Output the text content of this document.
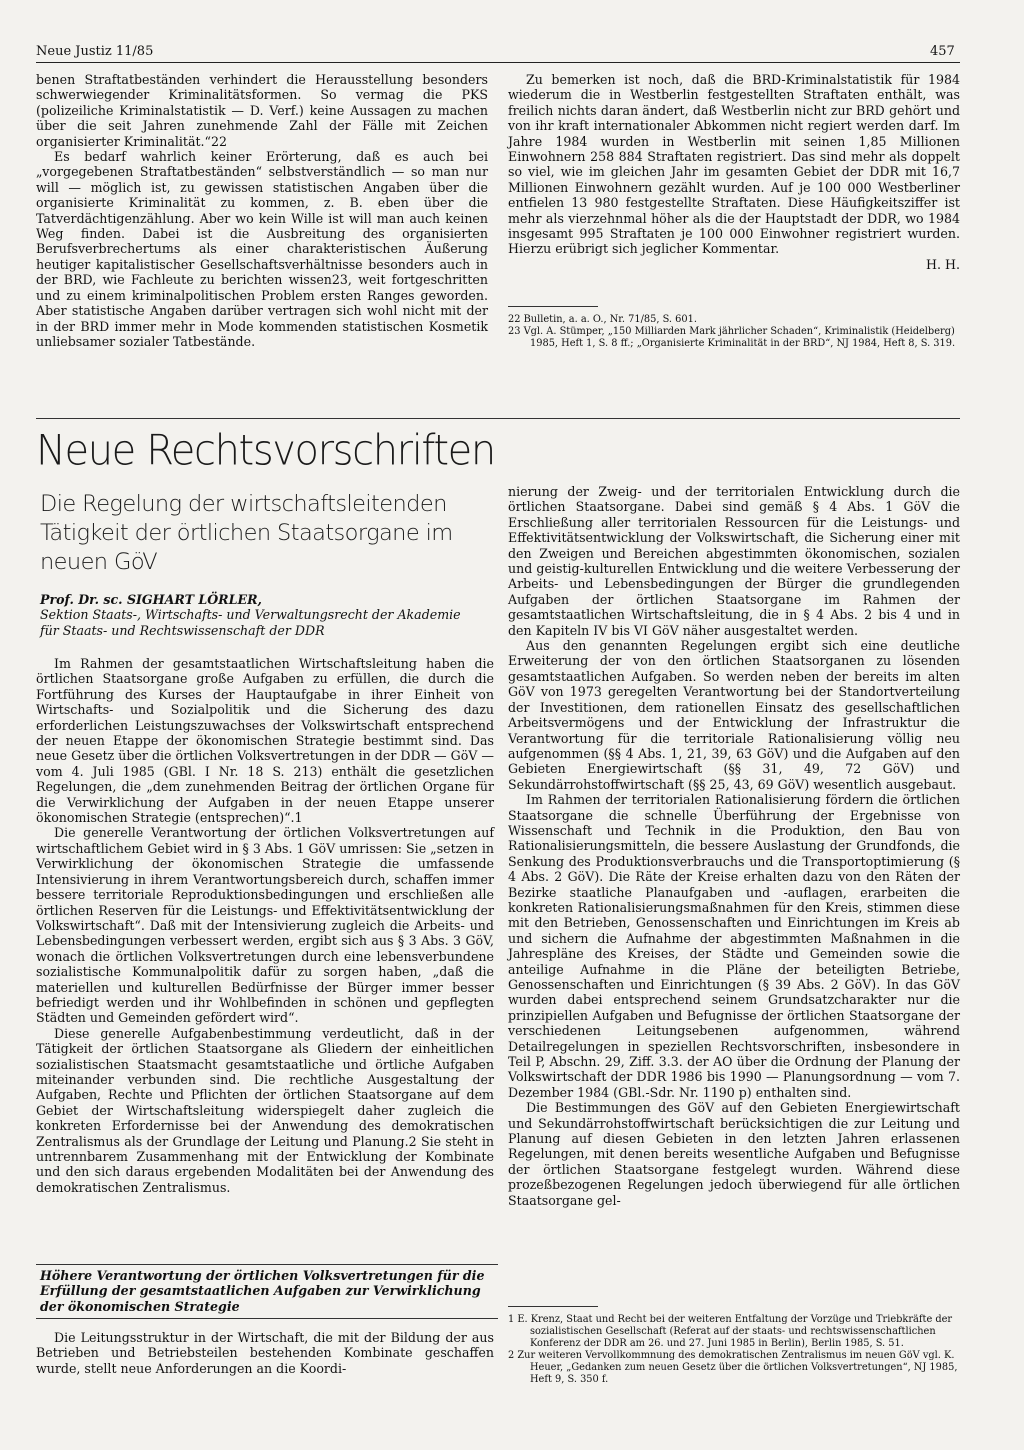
Neue Justiz 11/85	457

benen Straftatbeständen verhindert die Herausstellung besonders schwerwiegender Kriminalitätsformen. So vermag die PKS (polizeiliche Kriminalstatistik — D. Verf.) keine Aussagen zu machen über die seit Jahren zunehmende Zahl der Fälle mit Zeichen organisierter Kriminalität.“22

Es bedarf wahrlich keiner Erörterung, daß es auch bei „vorgegebenen Straftatbeständen“ selbstverständlich — so man nur will — möglich ist, zu gewissen statistischen Angaben über die organisierte Kriminalität zu kommen, z. B. eben über die Tatverdächtigenzählung. Aber wo kein Wille ist will man auch keinen Weg finden. Dabei ist die Ausbreitung des organisierten Berufsverbrechertums als einer charakteristischen Äußerung heutiger kapitalistischer Gesellschaftsverhältnisse besonders auch in der BRD, wie Fachleute zu berichten wissen23, weit fortgeschritten und zu einem kriminalpolitischen Problem ersten Ranges geworden. Aber statistische Angaben darüber vertragen sich wohl nicht mit der in der BRD immer mehr in Mode kommenden statistischen Kosmetik unliebsamer sozialer Tatbestände.

Zu bemerken ist noch, daß die BRD-Kriminalstatistik für 1984 wiederum die in Westberlin festgestellten Straftaten enthält, was freilich nichts daran ändert, daß Westberlin nicht zur BRD gehört und von ihr kraft internationaler Abkommen nicht regiert werden darf. Im Jahre 1984 wurden in Westberlin mit seinen 1,85 Millionen Einwohnern 258 884 Straftaten registriert. Das sind mehr als doppelt so viel, wie im gleichen Jahr im gesamten Gebiet der DDR mit 16,7 Millionen Einwohnern gezählt wurden. Auf je 100 000 Westberliner entfielen 13 980 festgestellte Straftaten. Diese Häufigkeitsziffer ist mehr als vierzehnmal höher als die der Hauptstadt der DDR, wo 1984 insgesamt 995 Straftaten je 100 000 Einwohner registriert wurden. Hierzu erübrigt sich jeglicher Kommentar.

H. H.
22 Bulletin, a. a. O., Nr. 71/85, S. 601.
23 Vgl. A. Stümper, „150 Milliarden Mark jährlicher Schaden“, Kriminalistik (Heidelberg) 1985, Heft 1, S. 8 ff.; „Organisierte Kriminalität in der BRD“, NJ 1984, Heft 8, S. 319.
Neue Rechtsvorschriften
Die Regelung der wirtschaftsleitenden Tätigkeit der örtlichen Staatsorgane im neuen GöV
Prof. Dr. sc. SIGHART LÖRLER,
Sektion Staats-, Wirtschafts- und Verwaltungsrecht der Akademie für Staats- und Rechtswissenschaft der DDR

Im Rahmen der gesamtstaatlichen Wirtschaftsleitung haben die örtlichen Staatsorgane große Aufgaben zu erfüllen, die durch die Fortführung des Kurses der Hauptaufgabe in ihrer Einheit von Wirtschafts- und Sozialpolitik und die Sicherung des dazu erforderlichen Leistungszuwachses der Volkswirtschaft entsprechend der neuen Etappe der ökonomischen Strategie bestimmt sind. Das neue Gesetz über die örtlichen Volksvertretungen in der DDR — GöV — vom 4. Juli 1985 (GBl. I Nr. 18 S. 213) enthält die gesetzlichen Regelungen, die „dem zunehmenden Beitrag der örtlichen Organe für die Verwirklichung der Aufgaben in der neuen Etappe unserer ökonomischen Strategie (entsprechen)“.1

Die generelle Verantwortung der örtlichen Volksvertretungen auf wirtschaftlichem Gebiet wird in § 3 Abs. 1 GöV umrissen: Sie „setzen in Verwirklichung der ökonomischen Strategie die umfassende Intensivierung in ihrem Verantwortungsbereich durch, schaffen immer bessere territoriale Reproduktionsbedingungen und erschließen alle örtlichen Reserven für die Leistungs- und Effektivitätsentwicklung der Volkswirtschaft“. Daß mit der Intensivierung zugleich die Arbeits- und Lebensbedingungen verbessert werden, ergibt sich aus § 3 Abs. 3 GöV, wonach die örtlichen Volksvertretungen durch eine lebensverbundene sozialistische Kommunalpolitik dafür zu sorgen haben, „daß die materiellen und kulturellen Bedürfnisse der Bürger immer besser befriedigt werden und ihr Wohlbefinden in schönen und gepflegten Städten und Gemeinden gefördert wird“.

Diese generelle Aufgabenbestimmung verdeutlicht, daß in der Tätigkeit der örtlichen Staatsorgane als Gliedern der einheitlichen sozialistischen Staatsmacht gesamtstaatliche und örtliche Aufgaben miteinander verbunden sind. Die rechtliche Ausgestaltung der Aufgaben, Rechte und Pflichten der örtlichen Staatsorgane auf dem Gebiet der Wirtschaftsleitung widerspiegelt daher zugleich die konkreten Erfordernisse bei der Anwendung des demokratischen Zentralismus als der Grundlage der Leitung und Planung.2 Sie steht in untrennbarem Zusammenhang mit der Entwicklung der Kombinate und den sich daraus ergebenden Modalitäten bei der Anwendung des demokratischen Zentralismus.

Höhere Verantwortung der örtlichen Volksvertretungen für die Erfüllung der gesamtstaatlichen Aufgaben zur Verwirklichung der ökonomischen Strategie

Die Leitungsstruktur in der Wirtschaft, die mit der Bildung der aus Betrieben und Betriebsteilen bestehenden Kombinate geschaffen wurde, stellt neue Anforderungen an die Koordi-

nierung der Zweig- und der territorialen Entwicklung durch die örtlichen Staatsorgane. Dabei sind gemäß § 4 Abs. 1 GöV die Erschließung aller territorialen Ressourcen für die Leistungs- und Effektivitätsentwicklung der Volkswirtschaft, die Sicherung einer mit den Zweigen und Bereichen abgestimmten ökonomischen, sozialen und geistig-kulturellen Entwicklung und die weitere Verbesserung der Arbeits- und Lebensbedingungen der Bürger die grundlegenden Aufgaben der örtlichen Staatsorgane im Rahmen der gesamtstaatlichen Wirtschaftsleitung, die in § 4 Abs. 2 bis 4 und in den Kapiteln IV bis VI GöV näher ausgestaltet werden.

Aus den genannten Regelungen ergibt sich eine deutliche Erweiterung der von den örtlichen Staatsorganen zu lösenden gesamtstaatlichen Aufgaben. So werden neben der bereits im alten GöV von 1973 geregelten Verantwortung bei der Standortverteilung der Investitionen, dem rationellen Einsatz des gesellschaftlichen Arbeitsvermögens und der Entwicklung der Infrastruktur die Verantwortung für die territoriale Rationalisierung völlig neu aufgenommen (§§ 4 Abs. 1, 21, 39, 63 GöV) und die Aufgaben auf den Gebieten Energiewirtschaft (§§ 31, 49, 72 GöV) und Sekundärrohstoffwirtschaft (§§ 25, 43, 69 GöV) wesentlich ausgebaut.

Im Rahmen der territorialen Rationalisierung fördern die örtlichen Staatsorgane die schnelle Überführung der Ergebnisse von Wissenschaft und Technik in die Produktion, den Bau von Rationalisierungsmitteln, die bessere Auslastung der Grundfonds, die Senkung des Produktionsverbrauchs und die Transportoptimierung (§ 4 Abs. 2 GöV). Die Räte der Kreise erhalten dazu von den Räten der Bezirke staatliche Planaufgaben und -auflagen, erarbeiten die konkreten Rationalisierungsmaßnahmen für den Kreis, stimmen diese mit den Betrieben, Genossenschaften und Einrichtungen im Kreis ab und sichern die Aufnahme der abgestimmten Maßnahmen in die Jahrespläne des Kreises, der Städte und Gemeinden sowie die anteilige Aufnahme in die Pläne der beteiligten Betriebe, Genossenschaften und Einrichtungen (§ 39 Abs. 2 GöV). In das GöV wurden dabei entsprechend seinem Grundsatzcharakter nur die prinzipiellen Aufgaben und Befugnisse der örtlichen Staatsorgane der verschiedenen Leitungsebenen aufgenommen, während Detailregelungen in speziellen Rechtsvorschriften, insbesondere in Teil P, Abschn. 29, Ziff. 3.3. der AO über die Ordnung der Planung der Volkswirtschaft der DDR 1986 bis 1990 — Planungsordnung — vom 7. Dezember 1984 (GBl.-Sdr. Nr. 1190 p) enthalten sind.

Die Bestimmungen des GöV auf den Gebieten Energiewirtschaft und Sekundärrohstoffwirtschaft berücksichtigen die zur Leitung und Planung auf diesen Gebieten in den letzten Jahren erlassenen Regelungen, mit denen bereits wesentliche Aufgaben und Befugnisse der örtlichen Staatsorgane festgelegt wurden. Während diese prozeßbezogenen Regelungen jedoch überwiegend für alle örtlichen Staatsorgane gel-

1 E. Krenz, Staat und Recht bei der weiteren Entfaltung der Vorzüge und Triebkräfte der sozialistischen Gesellschaft (Referat auf der staats- und rechtswissenschaftlichen Konferenz der DDR am 26. und 27. Juni 1985 in Berlin), Berlin 1985, S. 51.
2 Zur weiteren Vervollkommnung des demokratischen Zentralismus im neuen GöV vgl. K. Heuer, „Gedanken zum neuen Gesetz über die örtlichen Volksvertretungen“, NJ 1985, Heft 9, S. 350 f.
